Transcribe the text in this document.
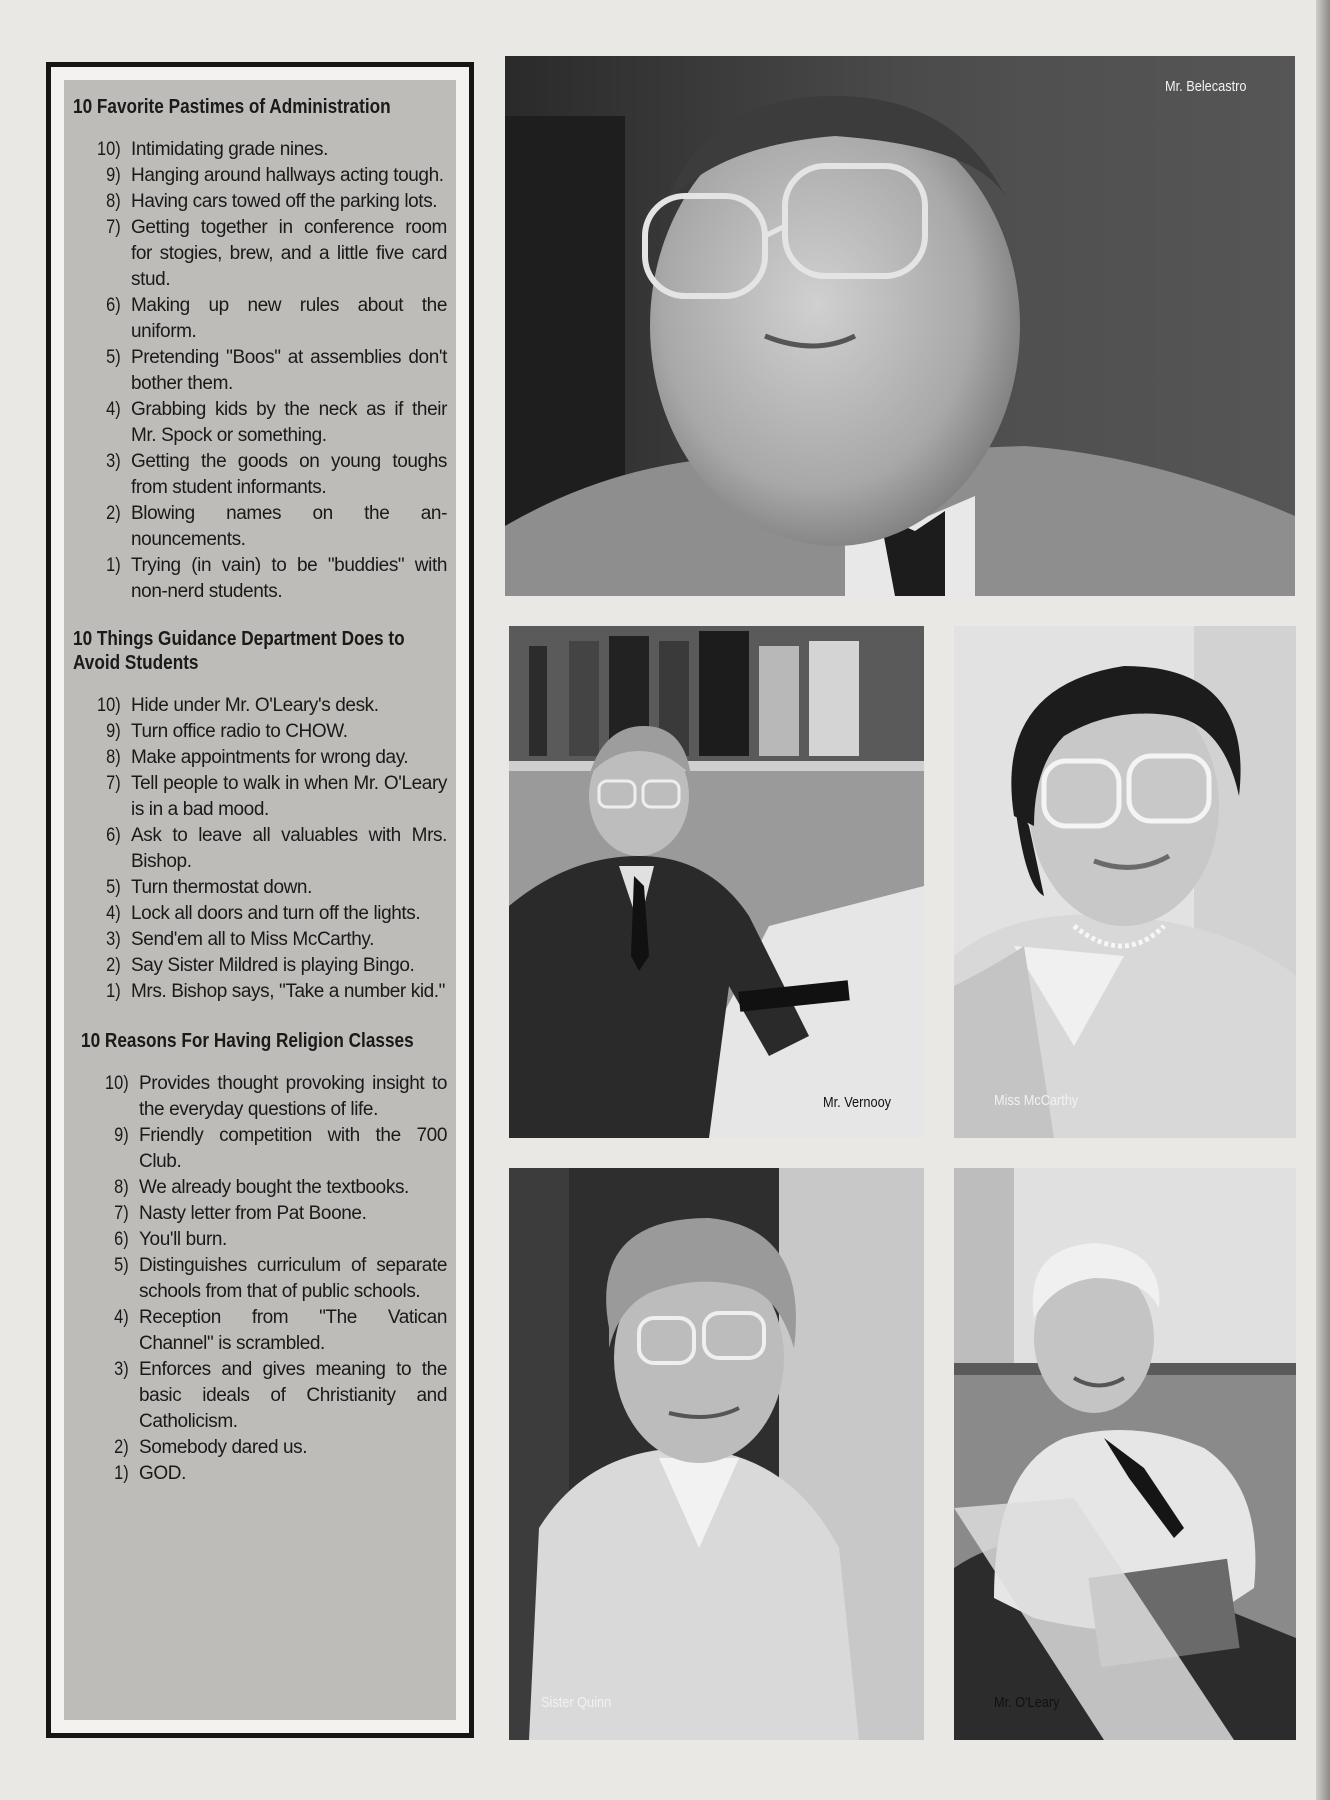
10 Favorite Pastimes of Administration
10) Intimidating grade nines.
9) Hanging around hallways acting tough.
8) Having cars towed off the parking lots.
7) Getting together in conference room for stogies, brew, and a little five card stud.
6) Making up new rules about the uniform.
5) Pretending "Boos" at assemblies don't bother them.
4) Grabbing kids by the neck as if their Mr. Spock or something.
3) Getting the goods on young toughs from student informants.
2) Blowing names on the an-nouncements.
1) Trying (in vain) to be "buddies" with non-nerd students.
10 Things Guidance Department Does to Avoid Students
10) Hide under Mr. O'Leary's desk.
9) Turn office radio to CHOW.
8) Make appointments for wrong day.
7) Tell people to walk in when Mr. O'Leary is in a bad mood.
6) Ask to leave all valuables with Mrs. Bishop.
5) Turn thermostat down.
4) Lock all doors and turn off the lights.
3) Send'em all to Miss McCarthy.
2) Say Sister Mildred is playing Bingo.
1) Mrs. Bishop says, "Take a number kid."
10 Reasons For Having Religion Classes
10) Provides thought provoking insight to the everyday questions of life.
9) Friendly competition with the 700 Club.
8) We already bought the textbooks.
7) Nasty letter from Pat Boone.
6) You'll burn.
5) Distinguishes curriculum of separate schools from that of public schools.
4) Reception from "The Vatican Channel" is scrambled.
3) Enforces and gives meaning to the basic ideals of Christianity and Catholicism.
2) Somebody dared us.
1) GOD.
Mr. Belecastro
Mr. Vernooy	Miss McCarthy
Sister Quinn	Mr. O'Leary
